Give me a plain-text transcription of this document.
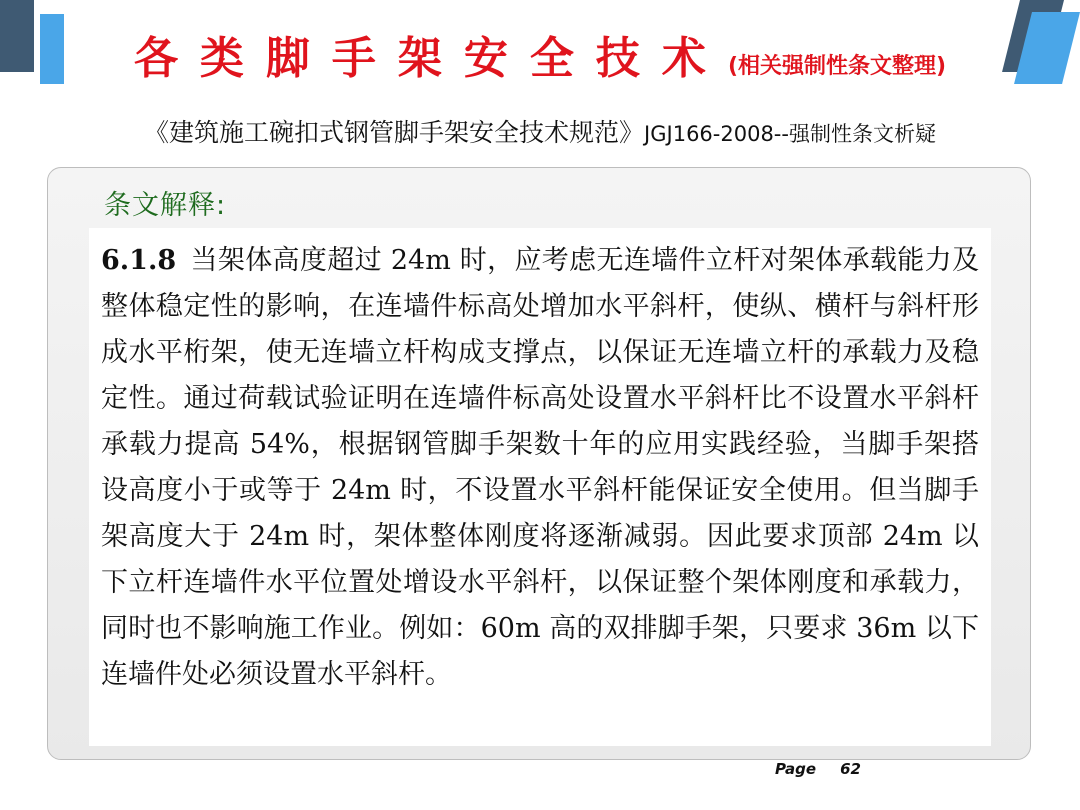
各类脚手架安全技术(相关强制性条文整理)
《建筑施工碗扣式钢管脚手架安全技术规范》JGJ166-2008--强制性条文析疑
条文解释:

6.1.8 当架体高度超过 24m 时，应考虑无连墙件立杆对架体承载能力及整体稳定性的影响，在连墙件标高处增加水平斜杆，使纵、横杆与斜杆形成水平桁架，使无连墙立杆构成支撑点，以保证无连墙立杆的承载力及稳定性。通过荷载试验证明在连墙件标高处设置水平斜杆比不设置水平斜杆承载力提高 54%，根据钢管脚手架数十年的应用实践经验，当脚手架搭设高度小于或等于 24m 时，不设置水平斜杆能保证安全使用。但当脚手架高度大于 24m 时，架体整体刚度将逐渐减弱。因此要求顶部 24m 以下立杆连墙件水平位置处增设水平斜杆，以保证整个架体刚度和承载力，同时也不影响施工作业。例如：60m 高的双排脚手架，只要求 36m 以下连墙件处必须设置水平斜杆。

Page 62
